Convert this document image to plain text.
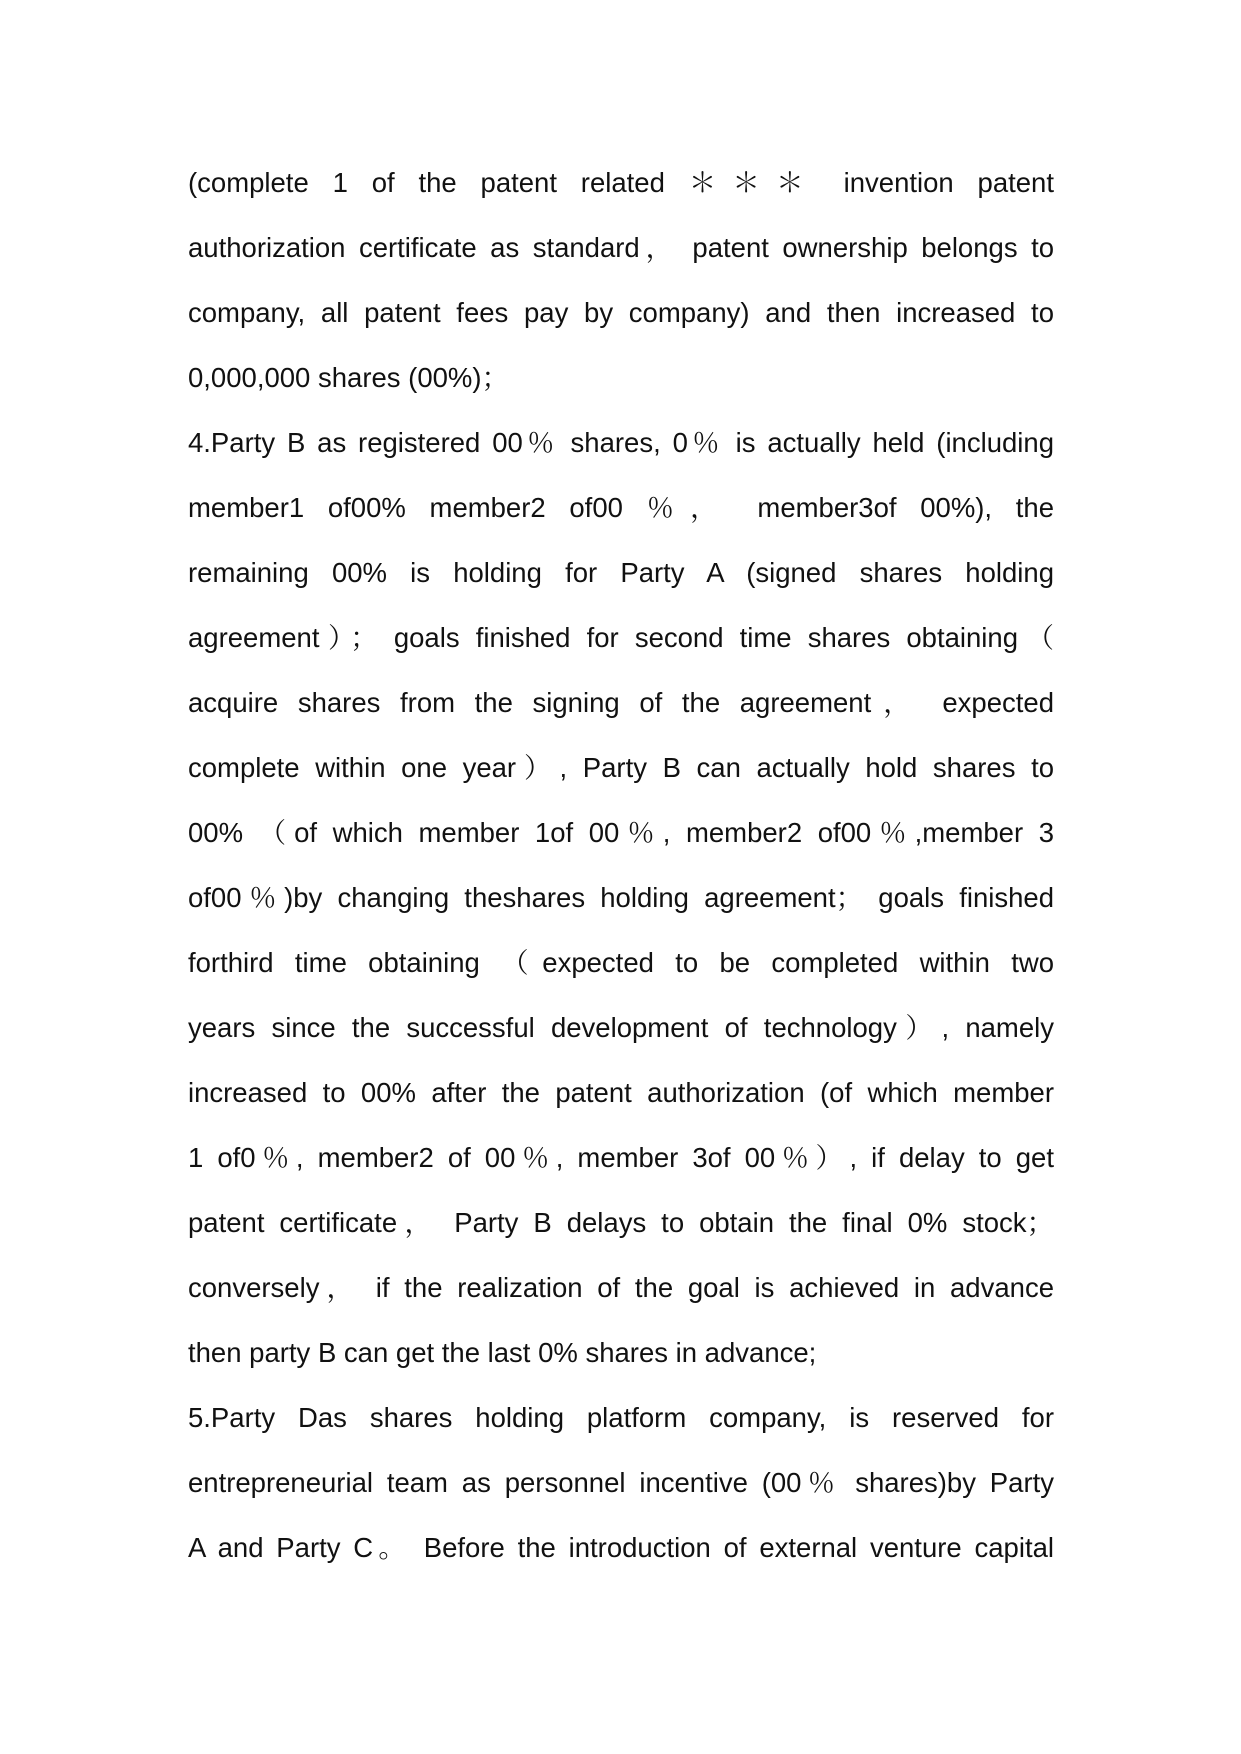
(complete 1 of the patent related ＊＊＊ invention patent
authorization certificate as standard， patent ownership belongs to
company, all patent fees pay by company) and then increased to
0,000,000 shares (00%)；
4.Party B as registered 00％ shares, 0％ is actually held (including
member1 of00% member2 of00 ％， member3of 00%), the
remaining 00% is holding for Party A (signed shares holding
agreement）； goals finished for second time shares obtaining（
acquire shares from the signing of the agreement， expected
complete within one year）, Party B can actually hold shares to
00% （of which member 1of 00％, member2 of00％,member 3
of00％)by changing theshares holding agreement； goals finished
forthird time obtaining （expected to be completed within two
years since the successful development of technology）, namely
increased to 00% after the patent authorization (of which member
1 of0％, member2 of 00％, member 3of 00％）, if delay to get
patent certificate， Party B delays to obtain the final 0% stock；
conversely， if the realization of the goal is achieved in advance
then party B can get the last 0% shares in advance;
5.Party Das shares holding platform company, is reserved for
entrepreneurial team as personnel incentive (00％ shares)by Party
A and Party C。 Before the introduction of external venture capital
